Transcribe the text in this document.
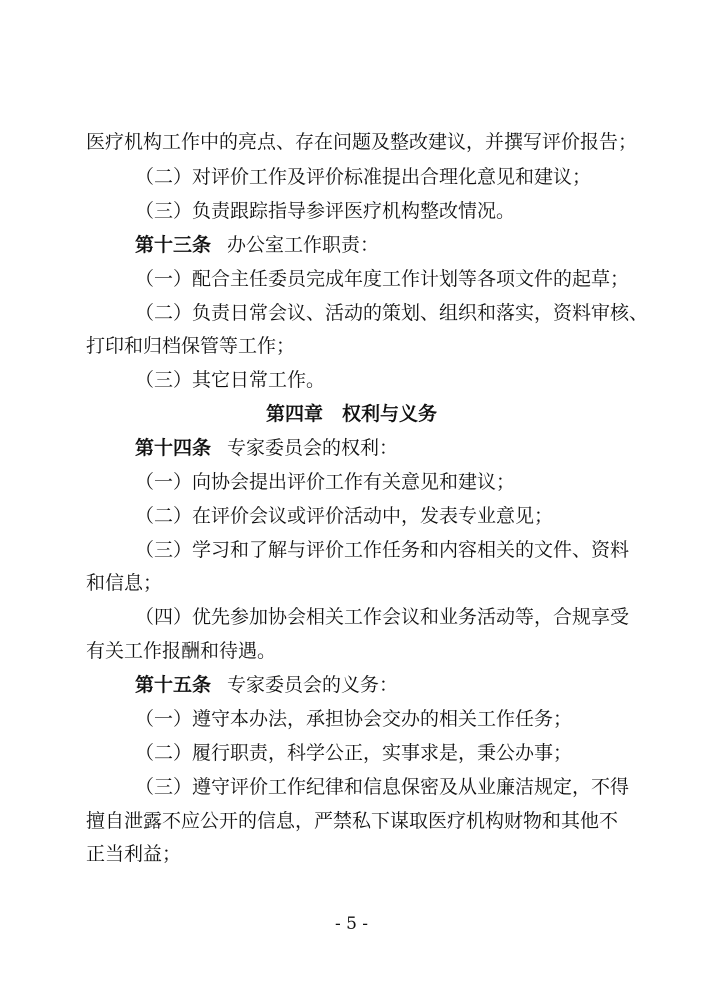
医疗机构工作中的亮点、存在问题及整改建议，并撰写评价报告；
（二）对评价工作及评价标准提出合理化意见和建议；
（三）负责跟踪指导参评医疗机构整改情况。
第十三条 办公室工作职责：
（一）配合主任委员完成年度工作计划等各项文件的起草；
（二）负责日常会议、活动的策划、组织和落实，资料审核、
打印和归档保管等工作；
（三）其它日常工作。
第四章　权利与义务
第十四条 专家委员会的权利：
（一）向协会提出评价工作有关意见和建议；
（二）在评价会议或评价活动中，发表专业意见；
（三）学习和了解与评价工作任务和内容相关的文件、资料
和信息；
（四）优先参加协会相关工作会议和业务活动等，合规享受
有关工作报酬和待遇。
第十五条 专家委员会的义务：
（一）遵守本办法，承担协会交办的相关工作任务；
（二）履行职责，科学公正，实事求是，秉公办事；
（三）遵守评价工作纪律和信息保密及从业廉洁规定，不得
擅自泄露不应公开的信息，严禁私下谋取医疗机构财物和其他不
正当利益；
- 5 -
